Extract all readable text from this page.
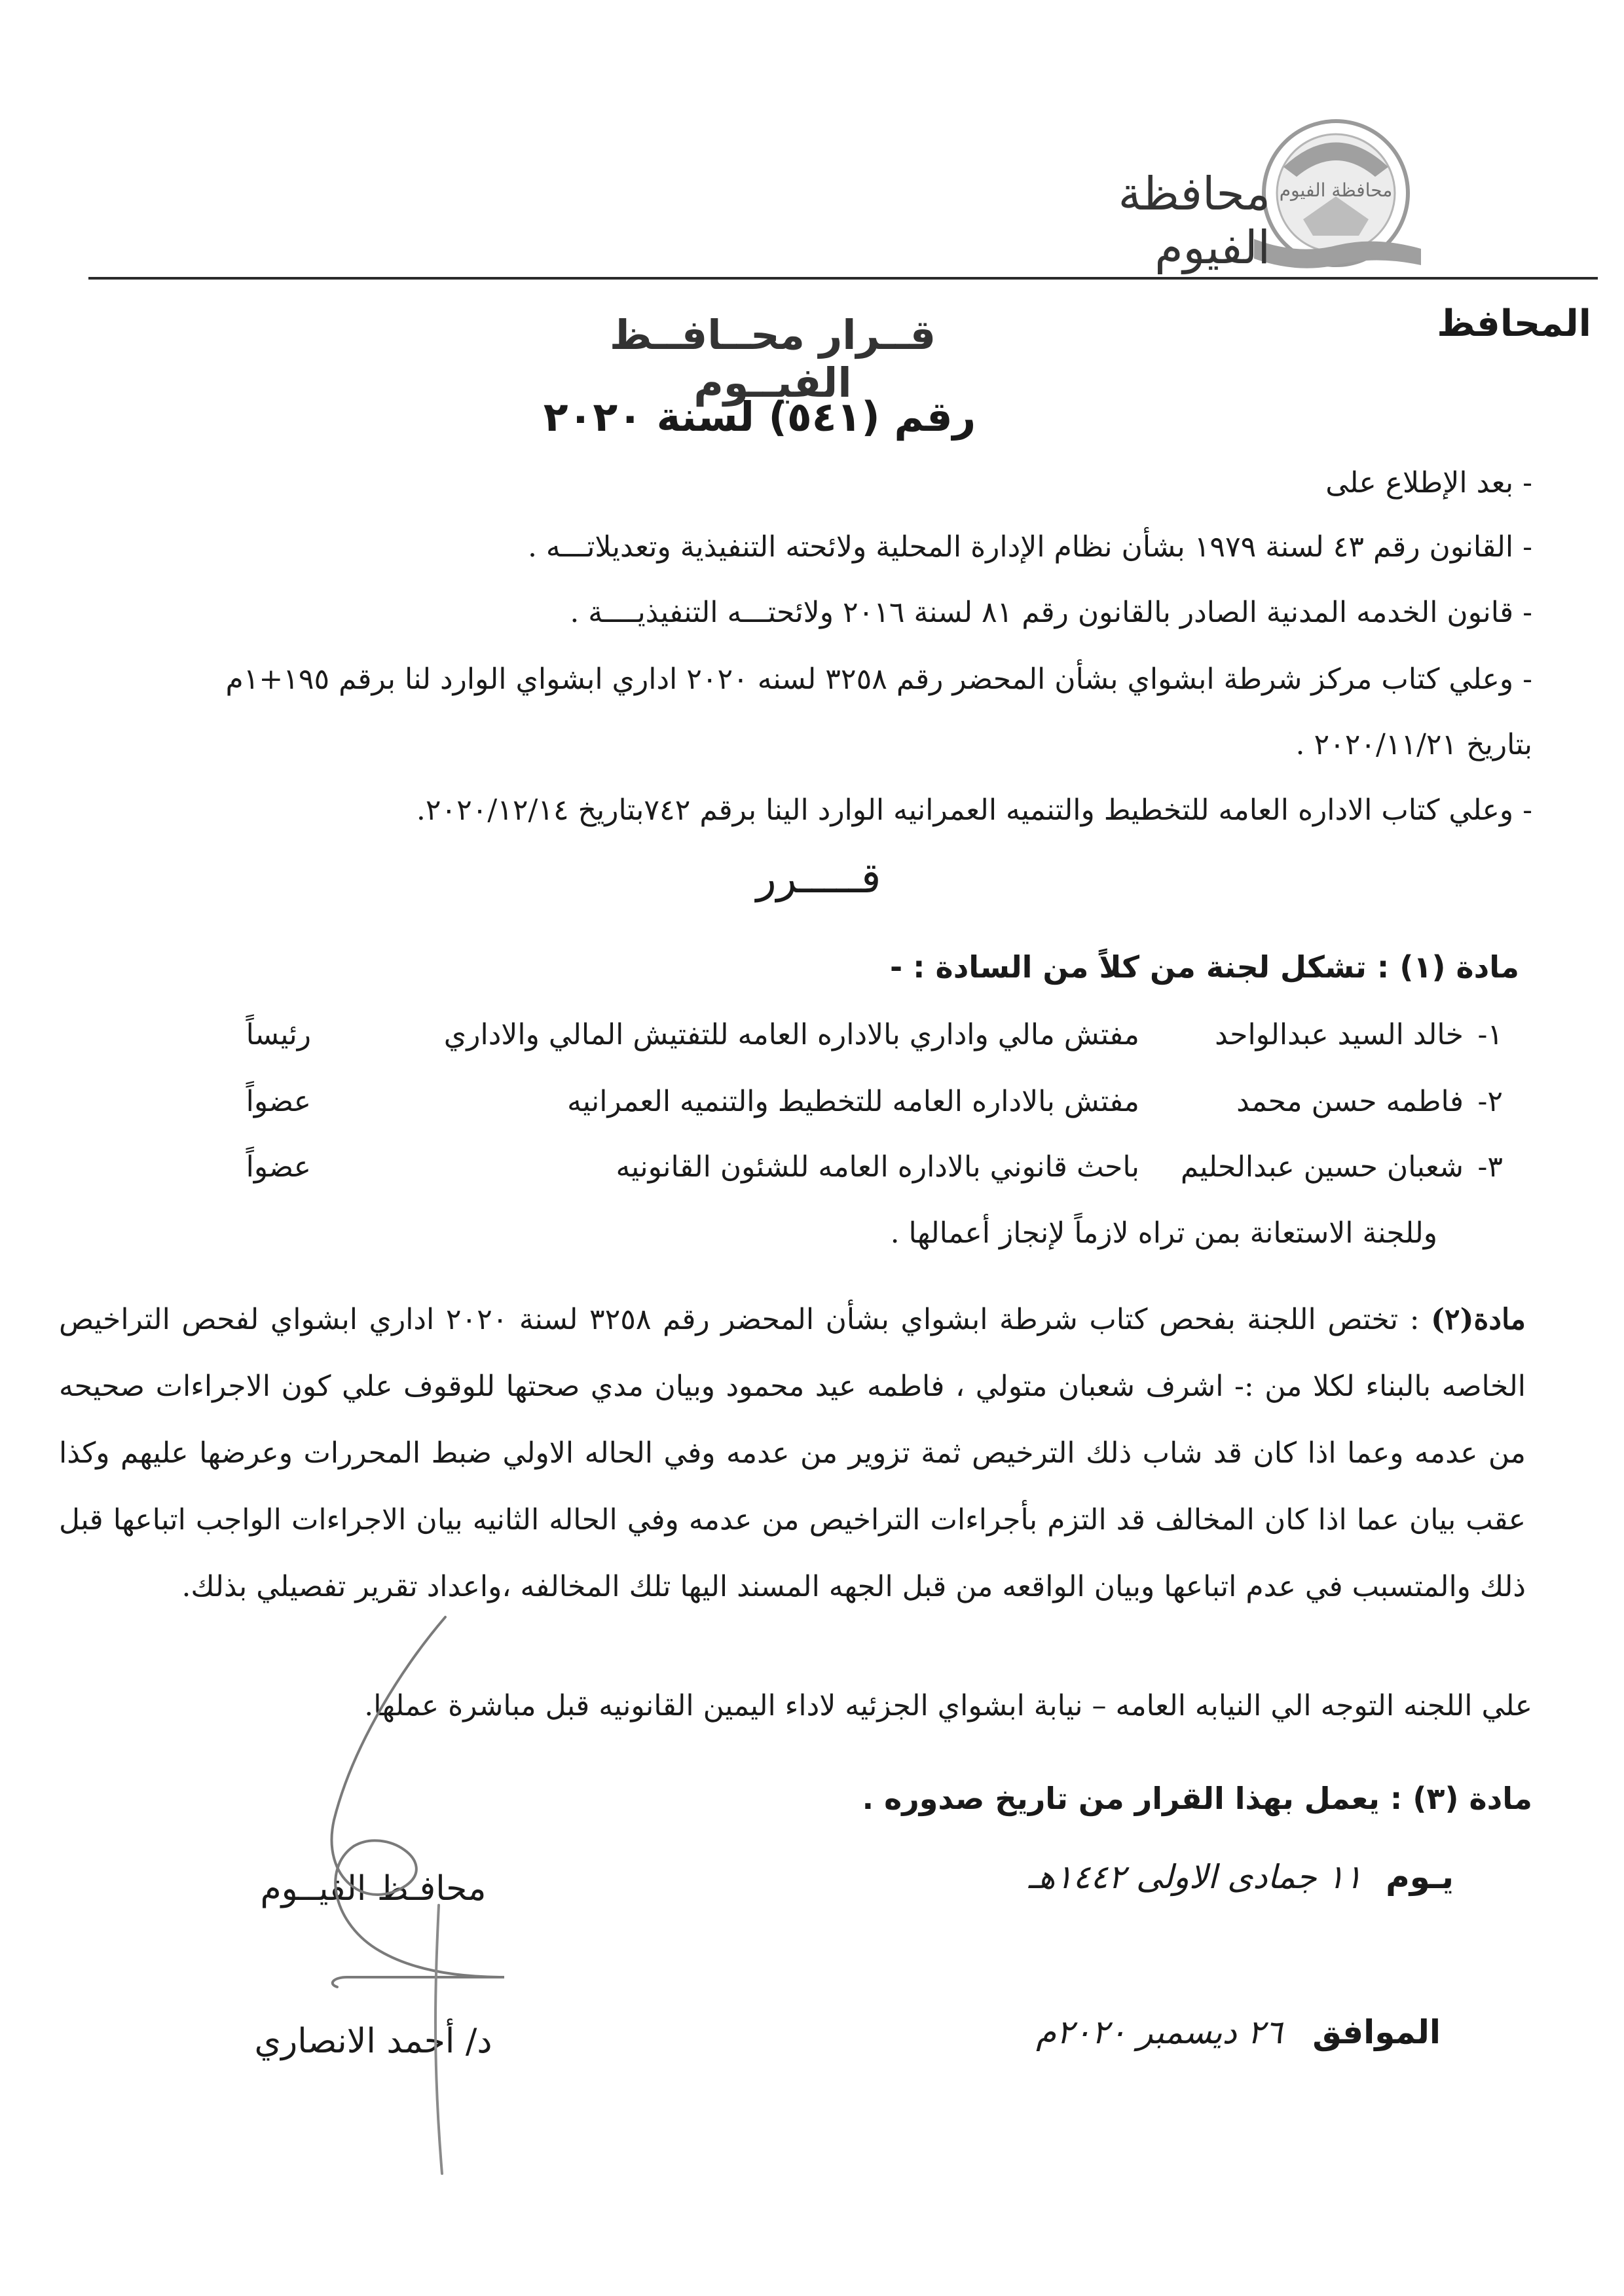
محافظة الفيوم
محافظة الفيوم
المحافظ
قــرار محــافــظ الفيــوم
رقم (٥٤١) لسنة ٢٠٢٠
- بعد الإطلاع على
- القانون رقم ٤٣ لسنة ١٩٧٩ بشأن نظام الإدارة المحلية ولائحته التنفيذية وتعديلاتـــه .
- قانون الخدمه المدنية الصادر بالقانون رقم ٨١ لسنة ٢٠١٦ ولائحتـــه التنفيذيــــة .
- وعلي كتاب مركز شرطة ابشواي بشأن المحضر رقم ٣٢٥٨ لسنه ٢٠٢٠ اداري ابشواي الوارد لنا برقم ١٩٥+١م
بتاريخ ٢٠٢٠/١١/٢١ .
- وعلي كتاب الاداره العامه للتخطيط والتنميه العمرانيه الوارد الينا برقم ٧٤٢بتاريخ ٢٠٢٠/١٢/١٤.
قـــــرر
مادة (١) : تشكل لجنة من كلاً من السادة : -
١-
خالد السيد عبدالواحد
مفتش مالي واداري بالاداره العامه للتفتيش المالي والاداري
رئيساً
٢-
فاطمه حسن محمد
مفتش بالاداره العامه للتخطيط والتنميه العمرانيه
عضواً
٣-
شعبان حسين عبدالحليم
باحث قانوني بالاداره العامه للشئون القانونيه
عضواً
وللجنة الاستعانة بمن تراه لازماً لإنجاز أعمالها .
مادة(٢) : تختص اللجنة بفحص كتاب شرطة ابشواي بشأن المحضر رقم ٣٢٥٨ لسنة ٢٠٢٠ اداري ابشواي لفحص التراخيص الخاصه بالبناء لكلا من :- اشرف شعبان متولي ، فاطمه عيد محمود وبيان مدي صحتها للوقوف علي كون الاجراءات صحيحه من عدمه وعما اذا كان قد شاب ذلك الترخيص ثمة تزوير من عدمه وفي الحاله الاولي ضبط المحررات وعرضها عليهم وكذا عقب بيان عما اذا كان المخالف قد التزم بأجراءات التراخيص من عدمه وفي الحاله الثانيه بيان الاجراءات الواجب اتباعها قبل ذلك والمتسبب في عدم اتباعها وبيان الواقعه من قبل الجهه المسند اليها تلك المخالفه ،واعداد تقرير تفصيلي بذلك.
علي اللجنه التوجه الي النيابه العامه – نيابة ابشواي الجزئيه لاداء اليمين القانونيه قبل مباشرة عملها.
مادة (٣) : يعمل بهذا القرار من تاريخ صدوره .
يـوم ١١ جمادى الاولى ١٤٤٢هـ
الموافق ٢٦ ديسمبر ٢٠٢٠م
محافـظ الفيــوم
د/ أحمد الانصاري
